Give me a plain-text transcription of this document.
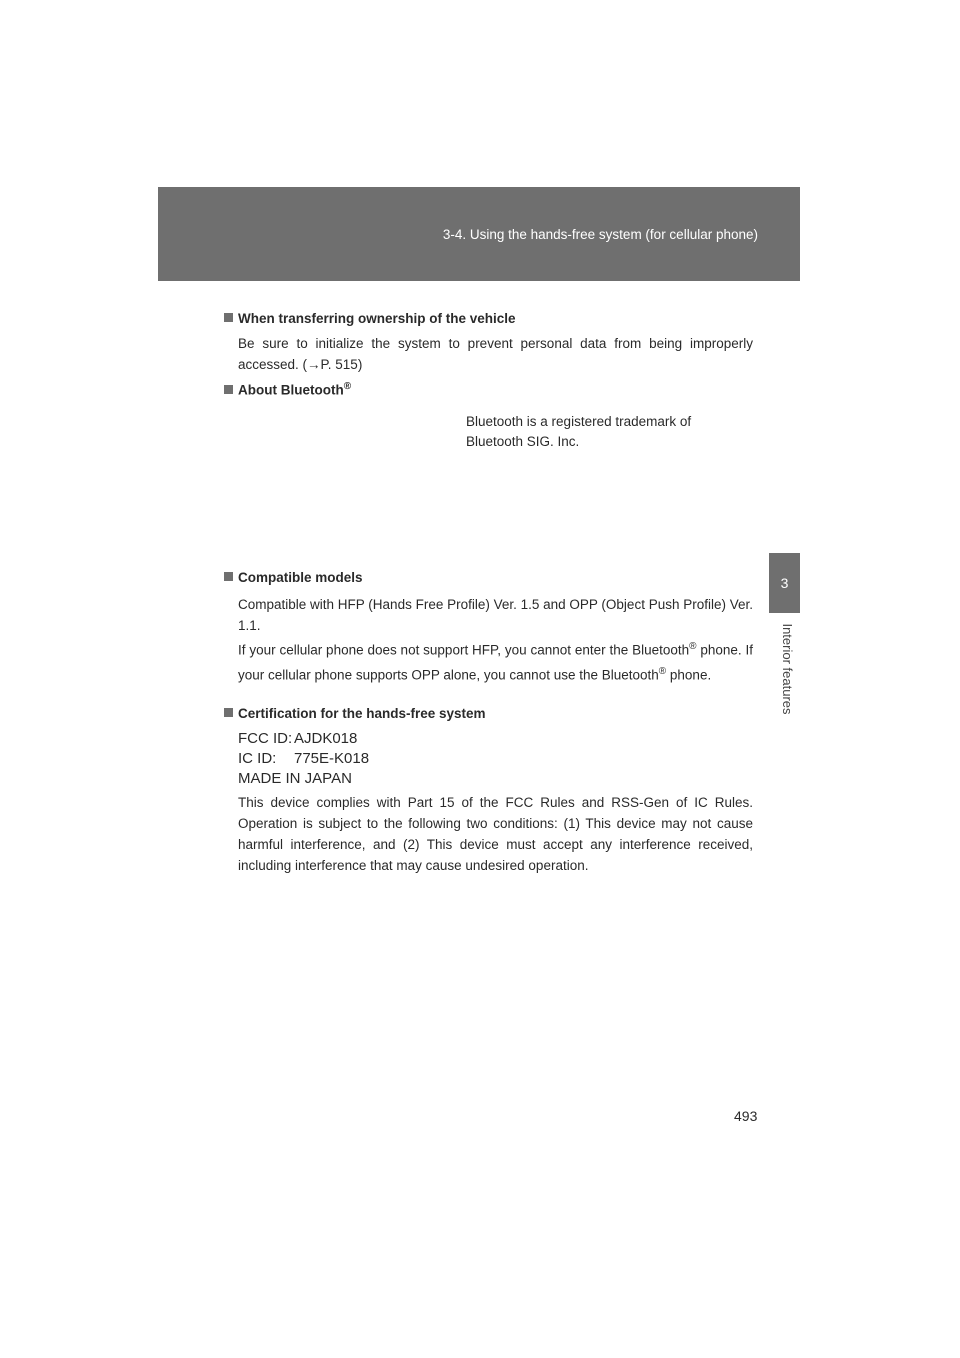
3-4. Using the hands-free system (for cellular phone)
3
Interior features
When transferring ownership of the vehicle
Be sure to initialize the system to prevent personal data from being improperly accessed. (→P. 515)
About Bluetooth®
Bluetooth is a registered trademark of
Bluetooth SIG. Inc.
Compatible models
Compatible with HFP (Hands Free Profile) Ver. 1.5 and OPP (Object Push Profile) Ver. 1.1.
If your cellular phone does not support HFP, you cannot enter the Bluetooth® phone. If your cellular phone supports OPP alone, you cannot use the Bluetooth® phone.
Certification for the hands-free system
FCC ID: AJDK018
IC ID:	775E-K018
MADE IN JAPAN
This device complies with Part 15 of the FCC Rules and RSS-Gen of IC Rules. Operation is subject to the following two conditions: (1) This device may not cause harmful interference, and (2) This device must accept any interference received, including interference that may cause undesired operation.
493
